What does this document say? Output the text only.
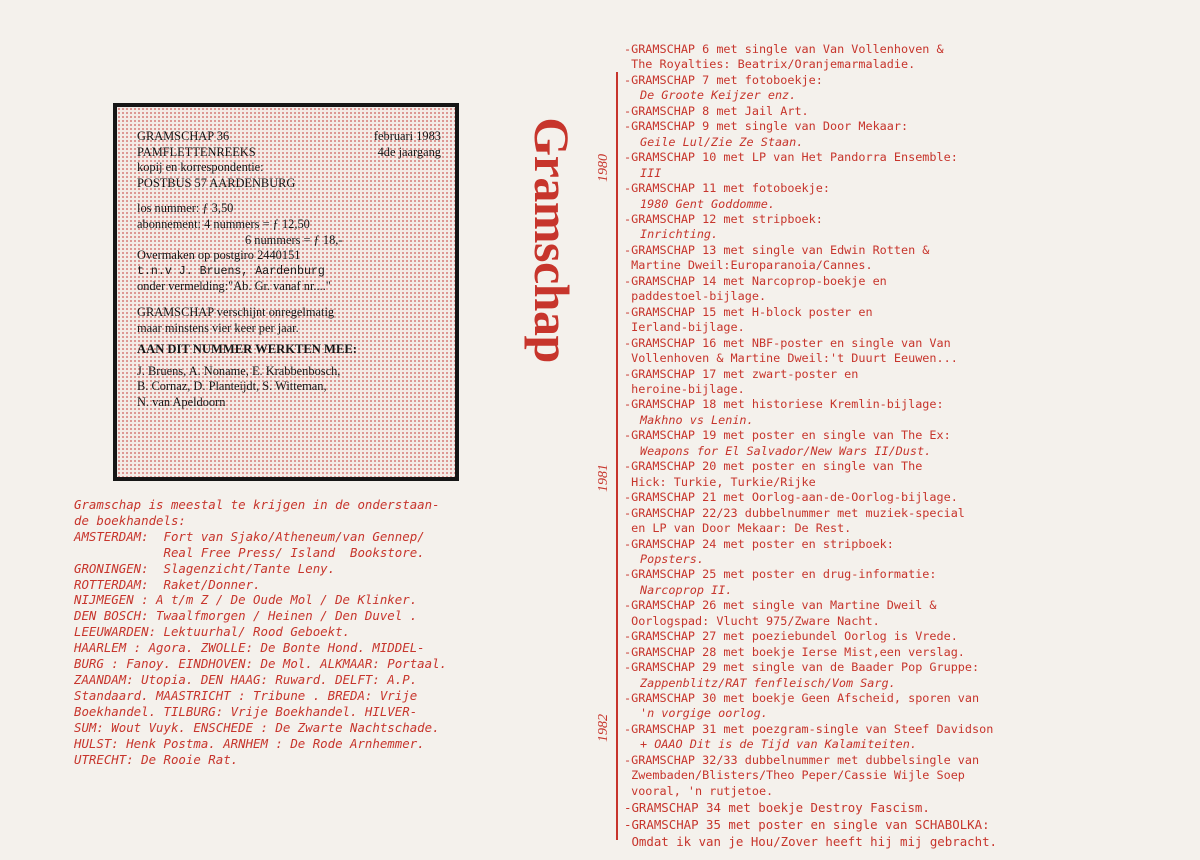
GRAMSCHAP 36	februari 1983
PAMFLETTENREEKS	4de jaargang
kopij en korrespondentie:
POSTBUS 57 AARDENBURG
los nummer: ƒ 3,50
abonnement: 4 nummers = ƒ 12,50
6 nummers = ƒ 18,-
Overmaken op postgiro 2440151
t.n.v J. Bruens, Aardenburg
onder vermelding:"Ab. Gr. vanaf nr...."
GRAMSCHAP verschijnt onregelmatig
maar minstens vier keer per jaar.
AAN DIT NUMMER WERKTEN MEE:
J. Bruens, A. Noname, E. Krabbenbosch,
B. Cornaz, D. Planteijdt, S. Witteman,
N. van Apeldoorn
Gramschap
Gramschap is meestal te krijgen in de onderstaan-
de boekhandels:
AMSTERDAM:  Fort van Sjako/Atheneum/van Gennep/
Real Free Press/ Island  Bookstore.
GRONINGEN:  Slagenzicht/Tante Leny.
ROTTERDAM:  Raket/Donner.
NIJMEGEN : A t/m Z / De Oude Mol / De Klinker.
DEN BOSCH: Twaalfmorgen / Heinen / Den Duvel .
LEEUWARDEN: Lektuurhal/ Rood Geboekt.
HAARLEM : Agora. ZWOLLE: De Bonte Hond. MIDDEL-
BURG : Fanoy. EINDHOVEN: De Mol. ALKMAAR: Portaal.
ZAANDAM: Utopia. DEN HAAG: Ruward. DELFT: A.P.
Standaard. MAASTRICHT : Tribune . BREDA: Vrije
Boekhandel. TILBURG: Vrije Boekhandel. HILVER-
SUM: Wout Vuyk. ENSCHEDE : De Zwarte Nachtschade.
HULST: Henk Postma. ARNHEM : De Rode Arnhemmer.
UTRECHT: De Rooie Rat.
1980
1981
1982
-GRAMSCHAP 6 met single van Van Vollenhoven &
The Royalties: Beatrix/Oranjemarmaladie.
-GRAMSCHAP 7 met fotoboekje:
De Groote Keijzer enz.
-GRAMSCHAP 8 met Jail Art.
-GRAMSCHAP 9 met single van Door Mekaar:
Geile Lul/Zie Ze Staan.
-GRAMSCHAP 10 met LP van Het Pandorra Ensemble:
III
-GRAMSCHAP 11 met fotoboekje:
1980 Gent Goddomme.
-GRAMSCHAP 12 met stripboek:
Inrichting.
-GRAMSCHAP 13 met single van Edwin Rotten &
Martine Dweil:Europaranoia/Cannes.
-GRAMSCHAP 14 met Narcoprop-boekje en
paddestoel-bijlage.
-GRAMSCHAP 15 met H-block poster en
Ierland-bijlage.
-GRAMSCHAP 16 met NBF-poster en single van Van
Vollenhoven & Martine Dweil:'t Duurt Eeuwen...
-GRAMSCHAP 17 met zwart-poster en
heroine-bijlage.
-GRAMSCHAP 18 met historiese Kremlin-bijlage:
Makhno vs Lenin.
-GRAMSCHAP 19 met poster en single van The Ex:
Weapons for El Salvador/New Wars II/Dust.
-GRAMSCHAP 20 met poster en single van The
Hick: Turkie, Turkie/Rijke
-GRAMSCHAP 21 met Oorlog-aan-de-Oorlog-bijlage.
-GRAMSCHAP 22/23 dubbelnummer met muziek-special
en LP van Door Mekaar: De Rest.
-GRAMSCHAP 24 met poster en stripboek:
Popsters.
-GRAMSCHAP 25 met poster en drug-informatie:
Narcoprop II.
-GRAMSCHAP 26 met single van Martine Dweil &
Oorlogspad: Vlucht 975/Zware Nacht.
-GRAMSCHAP 27 met poeziebundel Oorlog is Vrede.
-GRAMSCHAP 28 met boekje Ierse Mist,een verslag.
-GRAMSCHAP 29 met single van de Baader Pop Gruppe:
Zappenblitz/RAT fenfleisch/Vom Sarg.
-GRAMSCHAP 30 met boekje Geen Afscheid, sporen van
'n vorgige oorlog.
-GRAMSCHAP 31 met poezgram-single van Steef Davidson
+ OAAO Dit is de Tijd van Kalamiteiten.
-GRAMSCHAP 32/33 dubbelnummer met dubbelsingle van
Zwembaden/Blisters/Theo Peper/Cassie Wijle Soep
vooral, 'n rutjetoe.
-GRAMSCHAP 34 met boekje Destroy Fascism.
-GRAMSCHAP 35 met poster en single van SCHABOLKA:
Omdat ik van je Hou/Zover heeft hij mij gebracht.
